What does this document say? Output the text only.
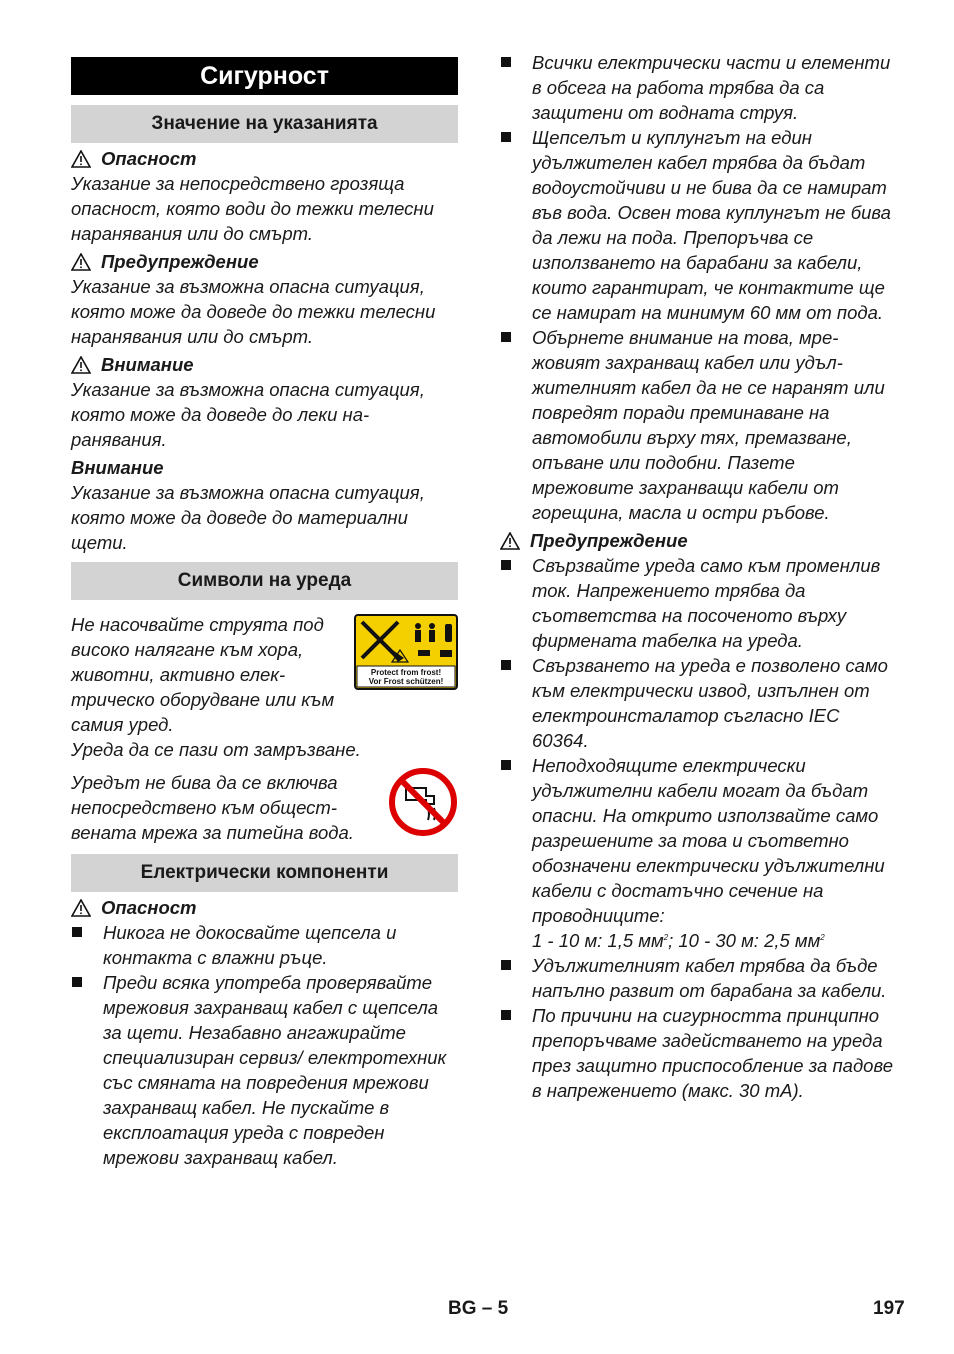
Сигурност
Значение на указанията
Опасност

Указание за непосредствено грозяща опасност, която води до тежки телесни наранявания или до смърт.

Предупреждение

Указание за възможна опасна ситуация, която може да доведе до тежки телесни наранявания или до смърт.

Внимание

Указание за възможна опасна ситуация, която може да доведе до леки наранявания.

Внимание

Указание за възможна опасна ситуация, която може да доведе до материални щети.

Символи на уреда
Protect from frost!
Vor Frost schützen!

Не насочвайте струята под високо налягане към хора, животни, активно електрическо оборудване или към самия уред.

Уреда да се пази от замръзване.

Уредът не бива да се включва непосредствено към обществената мрежа за питейна вода.

Електрически компоненти
Опасност
Никога не докосвайте щепсела и контакта с влажни ръце.
Преди всяка употреба проверявайте мрежовия захранващ кабел с щепсела за щети. Незабавно ангажирайте специализиран сервиз/ електротехник със смяната на повредения мрежови захранващ кабел. Не пускайте в експлоатация уреда с повреден мрежови захранващ кабел.
Всички електрически части и елементи в обсега на работа трябва да са защитени от водната струя.
Щепселът и куплунгът на един удължителен кабел трябва да бъдат водоустойчиви и не бива да се намират във вода. Освен това куплунгът не бива да лежи на пода. Препоръчва се използването на барабани за кабели, които гарантират, че контактите ще се намират на минимум 60 мм от пода.
Обърнете внимание на това, мрежовият захранващ кабел или удължителният кабел да не се наранят или повредят поради преминаване на автомобили върху тях, премазване, опъване или подобни. Пазете мрежовите захранващи кабели от горещина, масла и остри ръбове.
Предупреждение
Свързвайте уреда само към променлив ток. Напрежението трябва да съответства на посоченото върху фирмената табелка на уреда.
Свързването на уреда е позволено само към електрически извод, изпълнен от електроинсталатор съгласно IEC 60364.
Неподходящите електрически удължителни кабели могат да бъдат опасни. На открито използвайте само разрешените за това и съответно обозначени електрически удължителни кабели с достатъчно сечение на проводниците:
1 - 10 м: 1,5 $мм^2$; 10 - 30 м: 2,5 $мм^2$
Удължителният кабел трябва да бъде напълно развит от барабана за кабели.
По причини на сигурността принципно препоръчваме задействането на уреда през защитно приспособление за падове в напрежението (макс. 30 mA).
BG – 5	197
